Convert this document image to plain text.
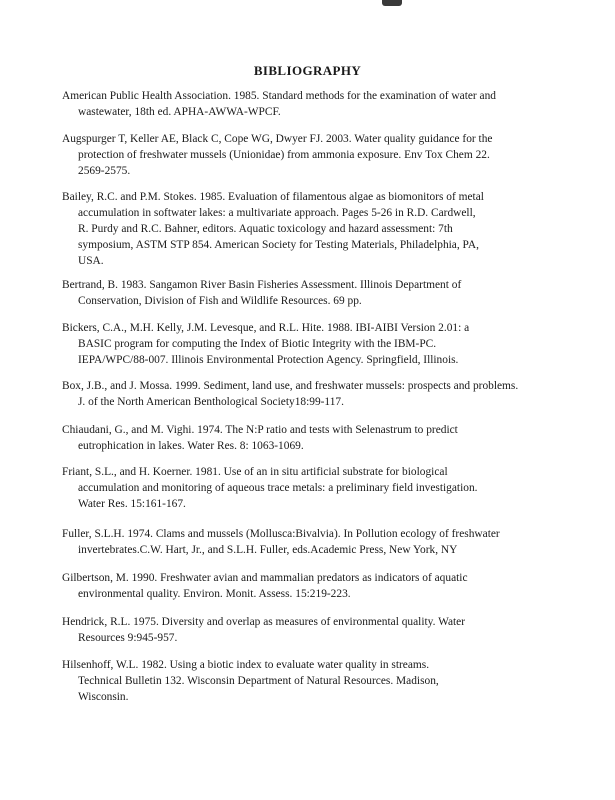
BIBLIOGRAPHY
American Public Health Association. 1985. Standard methods for the examination of water and
wastewater, 18th ed. APHA-AWWA-WPCF.
Augspurger T, Keller AE, Black C, Cope WG, Dwyer FJ. 2003. Water quality guidance for the
protection of freshwater mussels (Unionidae) from ammonia exposure. Env Tox Chem 22.
2569-2575.
Bailey, R.C. and P.M. Stokes. 1985. Evaluation of filamentous algae as biomonitors of metal
accumulation in softwater lakes: a multivariate approach. Pages 5-26 in R.D. Cardwell,
R. Purdy and R.C. Bahner, editors. Aquatic toxicology and hazard assessment: 7th
symposium, ASTM STP 854. American Society for Testing Materials, Philadelphia, PA,
USA.
Bertrand, B. 1983. Sangamon River Basin Fisheries Assessment. Illinois Department of
Conservation, Division of Fish and Wildlife Resources. 69 pp.
Bickers, C.A., M.H. Kelly, J.M. Levesque, and R.L. Hite. 1988. IBI-AIBI Version 2.01: a
BASIC program for computing the Index of Biotic Integrity with the IBM-PC.
IEPA/WPC/88-007. Illinois Environmental Protection Agency. Springfield, Illinois.
Box, J.B., and J. Mossa. 1999. Sediment, land use, and freshwater mussels: prospects and problems.
J. of the North American Benthological Society18:99-117.
Chiaudani, G., and M. Vighi. 1974. The N:P ratio and tests with Selenastrum to predict
eutrophication in lakes. Water Res. 8: 1063-1069.
Friant, S.L., and H. Koerner. 1981. Use of an in situ artificial substrate for biological
accumulation and monitoring of aqueous trace metals: a preliminary field investigation.
Water Res. 15:161-167.
Fuller, S.L.H. 1974. Clams and mussels (Mollusca:Bivalvia). In Pollution ecology of freshwater
invertebrates.C.W. Hart, Jr., and S.L.H. Fuller, eds.Academic Press, New York, NY
Gilbertson, M. 1990. Freshwater avian and mammalian predators as indicators of aquatic
environmental quality. Environ. Monit. Assess. 15:219-223.
Hendrick, R.L. 1975. Diversity and overlap as measures of environmental quality. Water
Resources 9:945-957.
Hilsenhoff, W.L. 1982. Using a biotic index to evaluate water quality in streams.
Technical Bulletin 132. Wisconsin Department of Natural Resources. Madison,
Wisconsin.
